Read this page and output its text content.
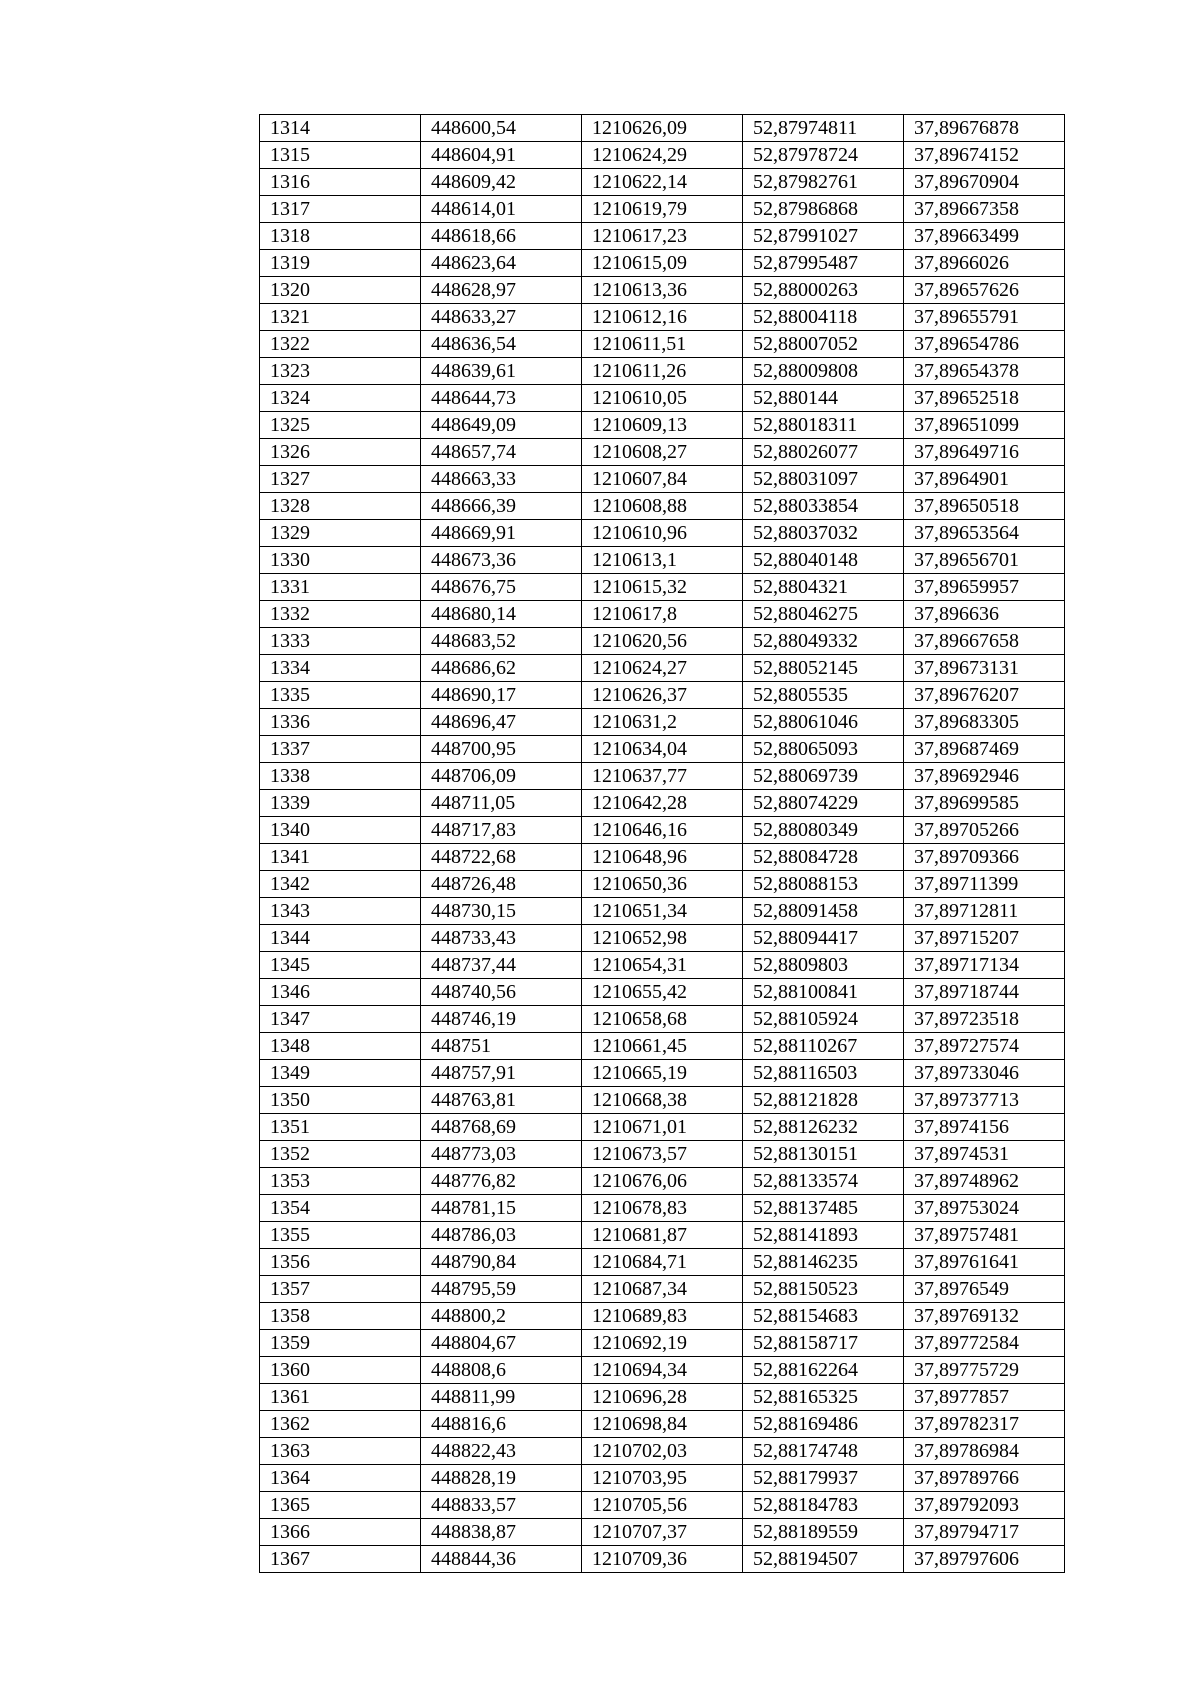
1314	448600,54	1210626,09	52,87974811	37,89676878
1315	448604,91	1210624,29	52,87978724	37,89674152
1316	448609,42	1210622,14	52,87982761	37,89670904
1317	448614,01	1210619,79	52,87986868	37,89667358
1318	448618,66	1210617,23	52,87991027	37,89663499
1319	448623,64	1210615,09	52,87995487	37,8966026
1320	448628,97	1210613,36	52,88000263	37,89657626
1321	448633,27	1210612,16	52,88004118	37,89655791
1322	448636,54	1210611,51	52,88007052	37,89654786
1323	448639,61	1210611,26	52,88009808	37,89654378
1324	448644,73	1210610,05	52,880144	37,89652518
1325	448649,09	1210609,13	52,88018311	37,89651099
1326	448657,74	1210608,27	52,88026077	37,89649716
1327	448663,33	1210607,84	52,88031097	37,8964901
1328	448666,39	1210608,88	52,88033854	37,89650518
1329	448669,91	1210610,96	52,88037032	37,89653564
1330	448673,36	1210613,1	52,88040148	37,89656701
1331	448676,75	1210615,32	52,8804321	37,89659957
1332	448680,14	1210617,8	52,88046275	37,896636
1333	448683,52	1210620,56	52,88049332	37,89667658
1334	448686,62	1210624,27	52,88052145	37,89673131
1335	448690,17	1210626,37	52,8805535	37,89676207
1336	448696,47	1210631,2	52,88061046	37,89683305
1337	448700,95	1210634,04	52,88065093	37,89687469
1338	448706,09	1210637,77	52,88069739	37,89692946
1339	448711,05	1210642,28	52,88074229	37,89699585
1340	448717,83	1210646,16	52,88080349	37,89705266
1341	448722,68	1210648,96	52,88084728	37,89709366
1342	448726,48	1210650,36	52,88088153	37,89711399
1343	448730,15	1210651,34	52,88091458	37,89712811
1344	448733,43	1210652,98	52,88094417	37,89715207
1345	448737,44	1210654,31	52,8809803	37,89717134
1346	448740,56	1210655,42	52,88100841	37,89718744
1347	448746,19	1210658,68	52,88105924	37,89723518
1348	448751	1210661,45	52,88110267	37,89727574
1349	448757,91	1210665,19	52,88116503	37,89733046
1350	448763,81	1210668,38	52,88121828	37,89737713
1351	448768,69	1210671,01	52,88126232	37,8974156
1352	448773,03	1210673,57	52,88130151	37,8974531
1353	448776,82	1210676,06	52,88133574	37,89748962
1354	448781,15	1210678,83	52,88137485	37,89753024
1355	448786,03	1210681,87	52,88141893	37,89757481
1356	448790,84	1210684,71	52,88146235	37,89761641
1357	448795,59	1210687,34	52,88150523	37,8976549
1358	448800,2	1210689,83	52,88154683	37,89769132
1359	448804,67	1210692,19	52,88158717	37,89772584
1360	448808,6	1210694,34	52,88162264	37,89775729
1361	448811,99	1210696,28	52,88165325	37,8977857
1362	448816,6	1210698,84	52,88169486	37,89782317
1363	448822,43	1210702,03	52,88174748	37,89786984
1364	448828,19	1210703,95	52,88179937	37,89789766
1365	448833,57	1210705,56	52,88184783	37,89792093
1366	448838,87	1210707,37	52,88189559	37,89794717
1367	448844,36	1210709,36	52,88194507	37,89797606
